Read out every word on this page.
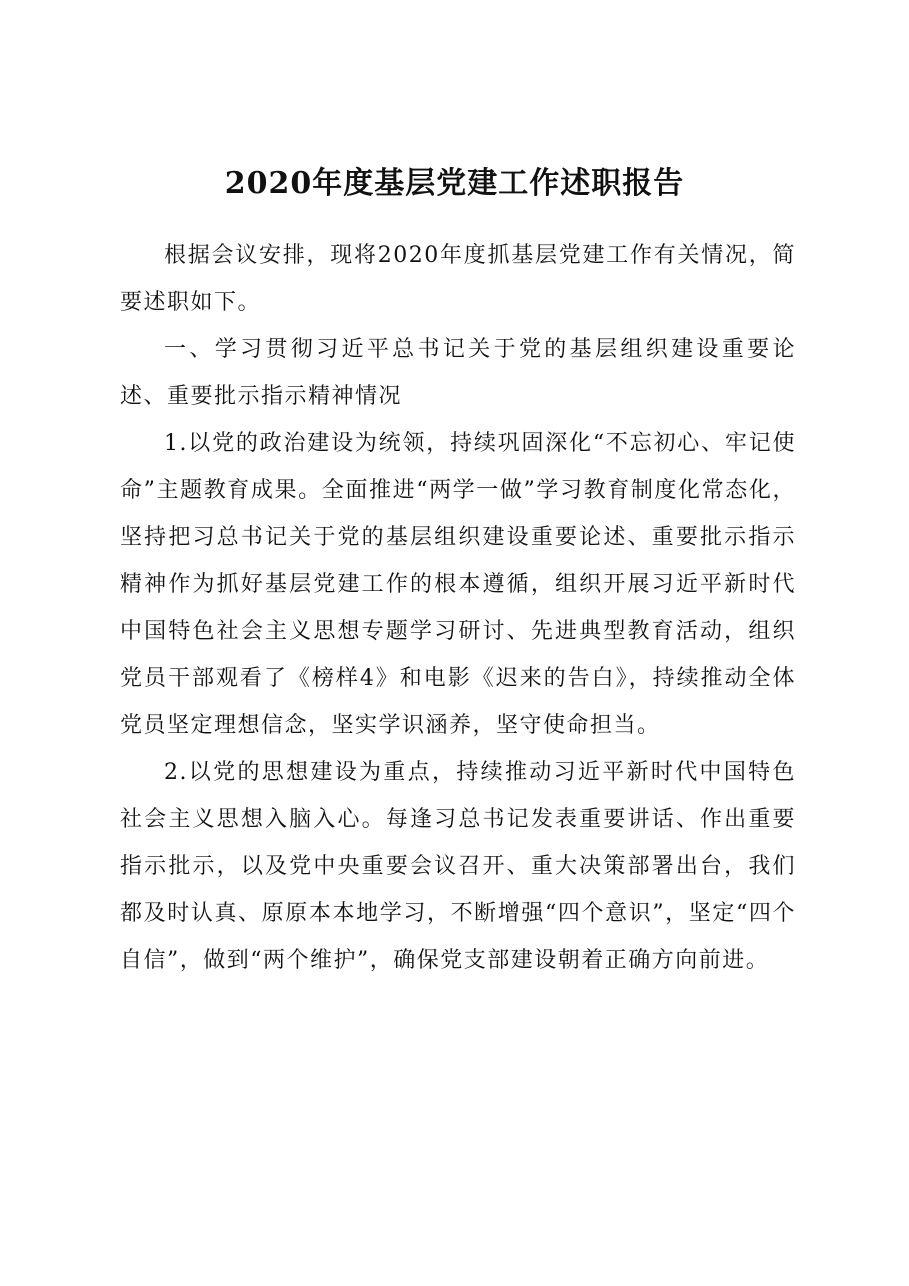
2020年度基层党建工作述职报告

根据会议安排，现将2020年度抓基层党建工作有关情况，简要述职如下。

一、学习贯彻习近平总书记关于党的基层组织建设重要论述、重要批示指示精神情况

1.以党的政治建设为统领，持续巩固深化“不忘初心、牢记使命”主题教育成果。全面推进“两学一做”学习教育制度化常态化，坚持把习总书记关于党的基层组织建设重要论述、重要批示指示精神作为抓好基层党建工作的根本遵循，组织开展习近平新时代中国特色社会主义思想专题学习研讨、先进典型教育活动，组织党员干部观看了《榜样4》和电影《迟来的告白》，持续推动全体党员坚定理想信念，坚实学识涵养，坚守使命担当。

2.以党的思想建设为重点，持续推动习近平新时代中国特色社会主义思想入脑入心。每逢习总书记发表重要讲话、作出重要指示批示，以及党中央重要会议召开、重大决策部署出台，我们都及时认真、原原本本地学习，不断增强“四个意识”，坚定“四个自信”，做到“两个维护”，确保党支部建设朝着正确方向前进。
